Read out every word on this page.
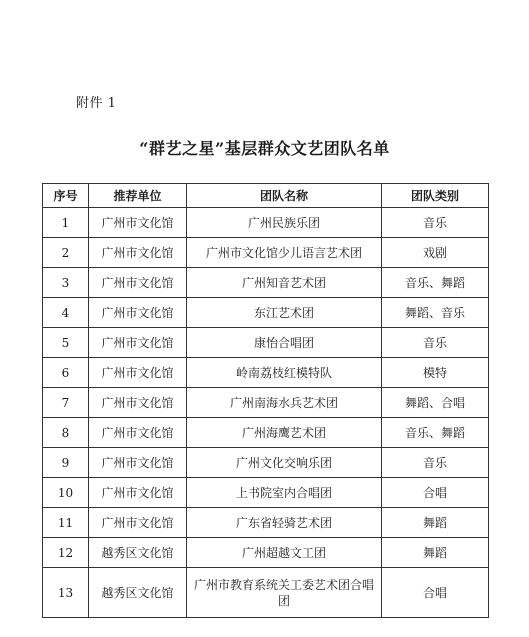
附件 1
“群艺之星”基层群众文艺团队名单
序号	推荐单位	团队名称	团队类别
1	广州市文化馆	广州民族乐团	音乐
2	广州市文化馆	广州市文化馆少儿语言艺术团	戏剧
3	广州市文化馆	广州知音艺术团	音乐、舞蹈
4	广州市文化馆	东江艺术团	舞蹈、音乐
5	广州市文化馆	康怡合唱团	音乐
6	广州市文化馆	岭南荔枝红模特队	模特
7	广州市文化馆	广州南海水兵艺术团	舞蹈、合唱
8	广州市文化馆	广州海鹰艺术团	音乐、舞蹈
9	广州市文化馆	广州文化交响乐团	音乐
10	广州市文化馆	上书院室内合唱团	合唱
11	广州市文化馆	广东省轻骑艺术团	舞蹈
12	越秀区文化馆	广州超越文工团	舞蹈
13	越秀区文化馆	广州市教育系统关工委艺术团合唱团	合唱
